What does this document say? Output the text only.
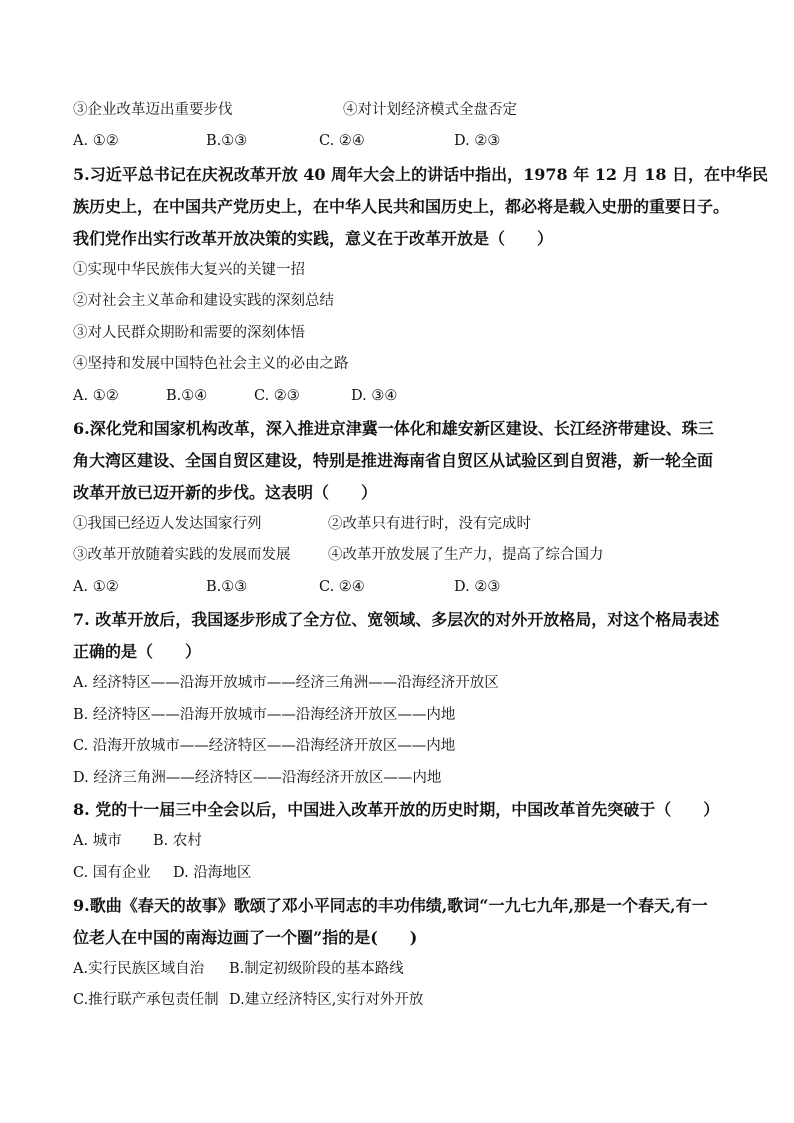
③企业改革迈出重要步伐	④对计划经济模式全盘否定
A. ①②	B.①③	C. ②④	D. ②③
5.习近平总书记在庆祝改革开放 40 周年大会上的讲话中指出，1978 年 12 月 18 日，在中华民
族历史上，在中国共产党历史上，在中华人民共和国历史上，都必将是载入史册的重要日子。
我们党作出实行改革开放决策的实践，意义在于改革开放是（　　）
①实现中华民族伟大复兴的关键一招
②对社会主义革命和建设实践的深刻总结
③对人民群众期盼和需要的深刻体悟
④坚持和发展中国特色社会主义的必由之路
A. ①②	B.①④	C. ②③	D. ③④
6.深化党和国家机构改革，深入推进京津冀一体化和雄安新区建设、长江经济带建设、珠三
角大湾区建设、全国自贸区建设，特别是推进海南省自贸区从试验区到自贸港，新一轮全面
改革开放已迈开新的步伐。这表明（　　）
①我国已经迈人发达国家行列	②改革只有进行时，没有完成时
③改革开放随着实践的发展而发展	④改革开放发展了生产力，提高了综合国力
A. ①②	B.①③	C. ②④	D. ②③
7. 改革开放后，我国逐步形成了全方位、宽领域、多层次的对外开放格局，对这个格局表述
正确的是（　　）
A. 经济特区——沿海开放城市——经济三角洲——沿海经济开放区
B. 经济特区——沿海开放城市——沿海经济开放区——内地
C. 沿海开放城市——经济特区——沿海经济开放区——内地
D. 经济三角洲——经济特区——沿海经济开放区——内地
8. 党的十一届三中全会以后，中国进入改革开放的历史时期，中国改革首先突破于（　　）
A. 城市 B. 农村
C. 国有企业 D. 沿海地区
9.歌曲《春天的故事》歌颂了邓小平同志的丰功伟绩,歌词“一九七九年,那是一个春天,有一
位老人在中国的南海边画了一个圈”指的是(　　)
A.实行民族区域自治 B.制定初级阶段的基本路线
C.推行联产承包责任制 D.建立经济特区,实行对外开放
